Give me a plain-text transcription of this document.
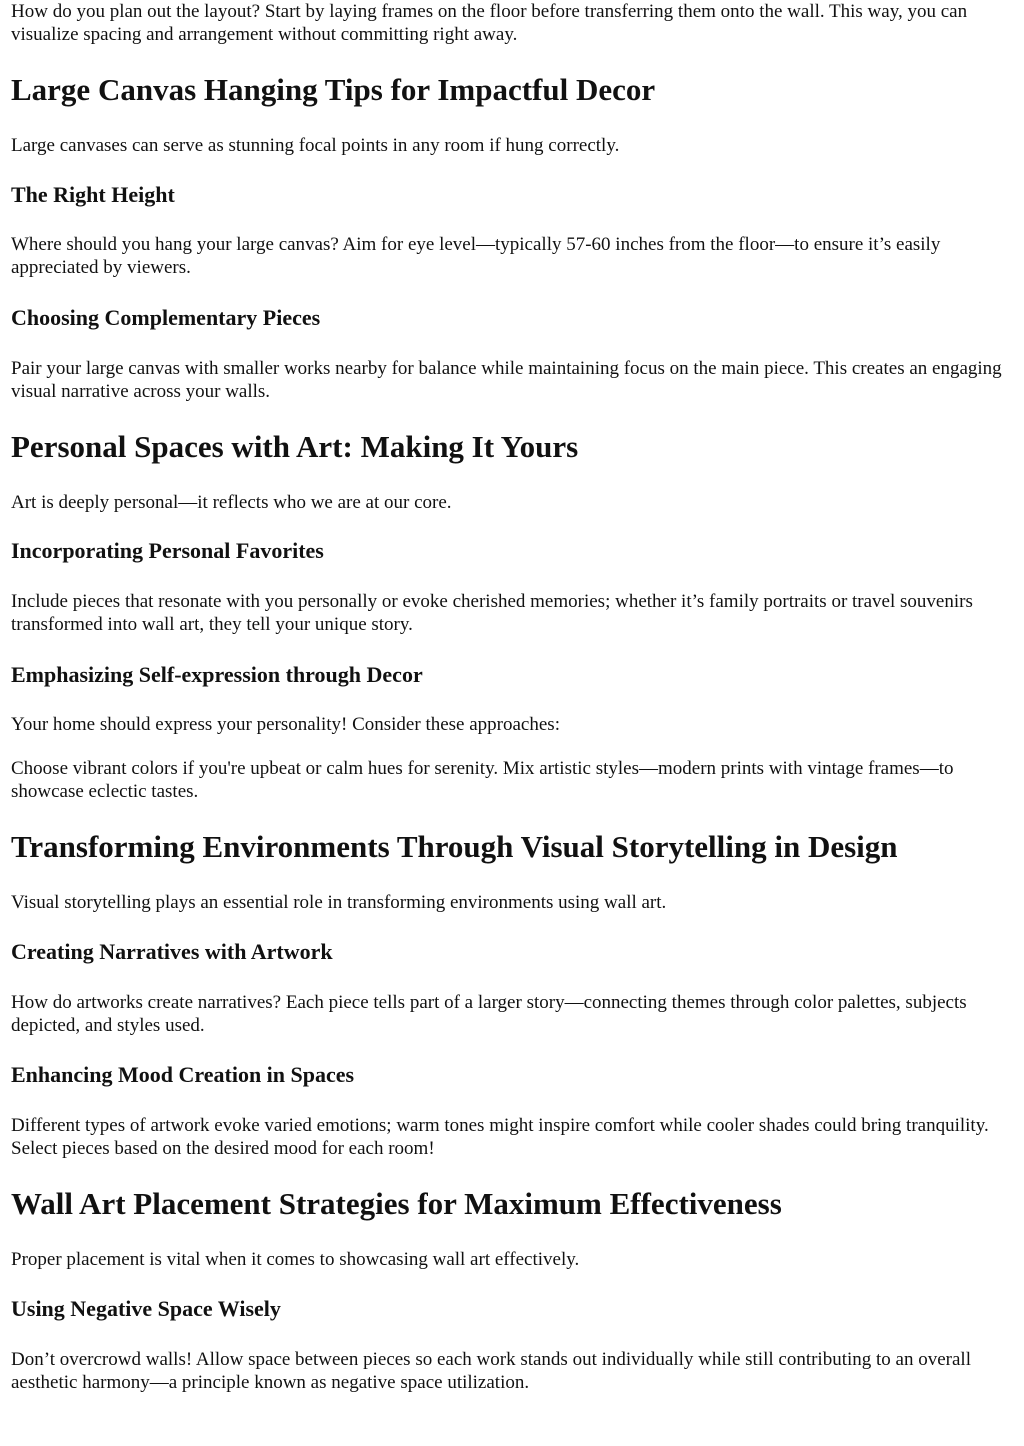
How do you plan out the layout? Start by laying frames on the floor before transferring them onto the wall. This way, you can visualize spacing and arrangement without committing right away.

Large Canvas Hanging Tips for Impactful Decor

Large canvases can serve as stunning focal points in any room if hung correctly.

The Right Height

Where should you hang your large canvas? Aim for eye level—typically 57-60 inches from the floor—to ensure it’s easily appreciated by viewers.

Choosing Complementary Pieces

Pair your large canvas with smaller works nearby for balance while maintaining focus on the main piece. This creates an engaging visual narrative across your walls.

Personal Spaces with Art: Making It Yours

Art is deeply personal—it reflects who we are at our core.

Incorporating Personal Favorites

Include pieces that resonate with you personally or evoke cherished memories; whether it’s family portraits or travel souvenirs transformed into wall art, they tell your unique story.

Emphasizing Self-expression through Decor

Your home should express your personality! Consider these approaches:

Choose vibrant colors if you're upbeat or calm hues for serenity. Mix artistic styles—modern prints with vintage frames—to showcase eclectic tastes.

Transforming Environments Through Visual Storytelling in Design

Visual storytelling plays an essential role in transforming environments using wall art.

Creating Narratives with Artwork

How do artworks create narratives? Each piece tells part of a larger story—connecting themes through color palettes, subjects depicted, and styles used.

Enhancing Mood Creation in Spaces

Different types of artwork evoke varied emotions; warm tones might inspire comfort while cooler shades could bring tranquility. Select pieces based on the desired mood for each room!

Wall Art Placement Strategies for Maximum Effectiveness

Proper placement is vital when it comes to showcasing wall art effectively.

Using Negative Space Wisely

Don’t overcrowd walls! Allow space between pieces so each work stands out individually while still contributing to an overall aesthetic harmony—a principle known as negative space utilization.
